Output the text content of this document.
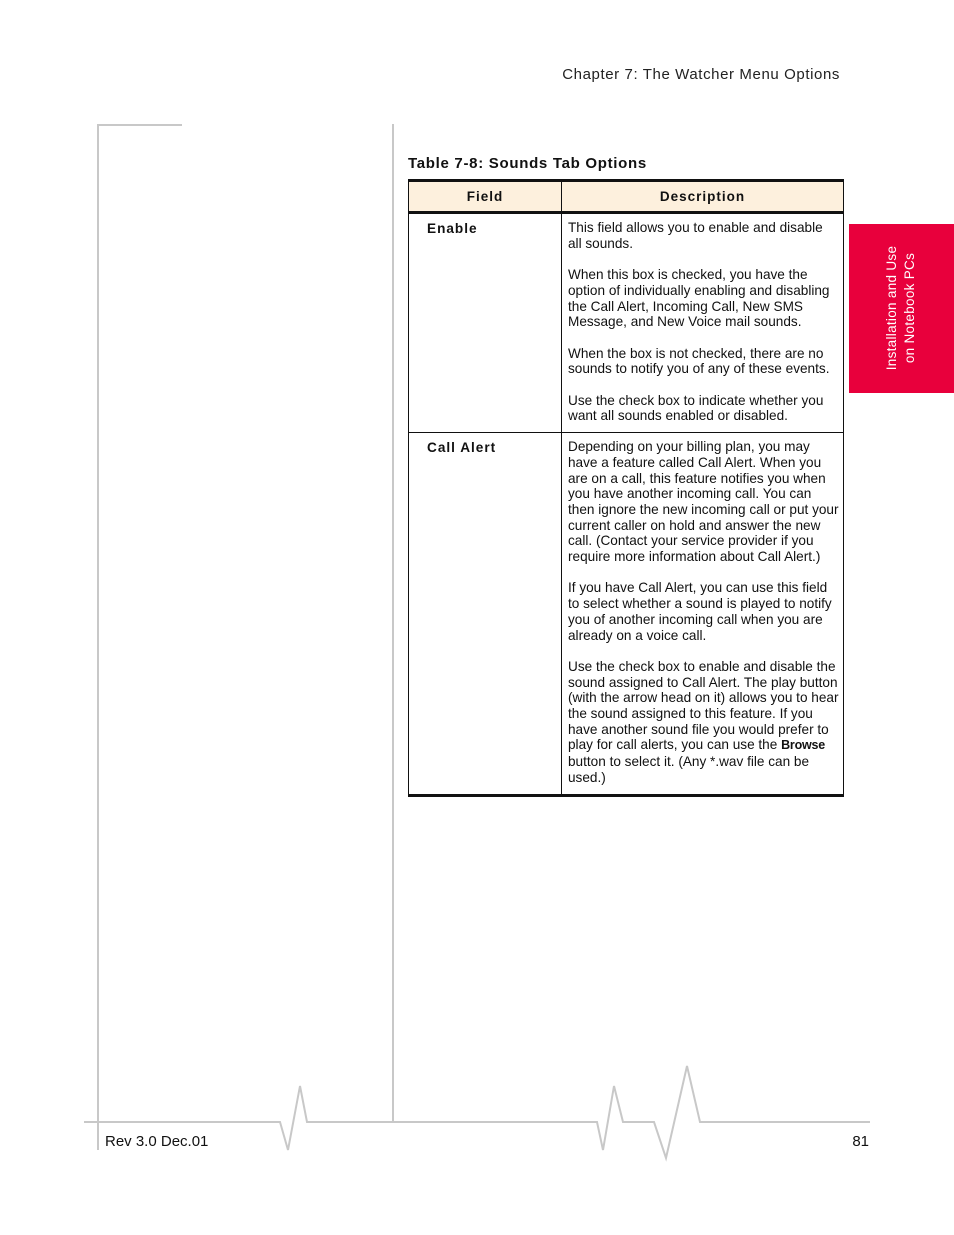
Chapter 7: The Watcher Menu Options
Installation and Use on Notebook PCs
Table 7-8: Sounds Tab Options
Field	Description
Enable	This field allows you to enable and disable all sounds.

When this box is checked, you have the option of individually enabling and disabling the Call Alert, Incoming Call, New SMS Message, and New Voice mail sounds.

When the box is not checked, there are no sounds to notify you of any of these events.

Use the check box to indicate whether you want all sounds enabled or disabled.

Call Alert	Depending on your billing plan, you may have a feature called Call Alert. When you are on a call, this feature notifies you when you have another incoming call. You can then ignore the new incoming call or put your current caller on hold and answer the new call. (Contact your service provider if you require more information about Call Alert.)

If you have Call Alert, you can use this field to select whether a sound is played to notify you of another incoming call when you are already on a voice call.

Use the check box to enable and disable the sound assigned to Call Alert. The play button (with the arrow head on it) allows you to hear the sound assigned to this feature. If you have another sound file you would prefer to play for call alerts, you can use the Browse button to select it. (Any *.wav file can be used.)

Rev 3.0 Dec.01	81
